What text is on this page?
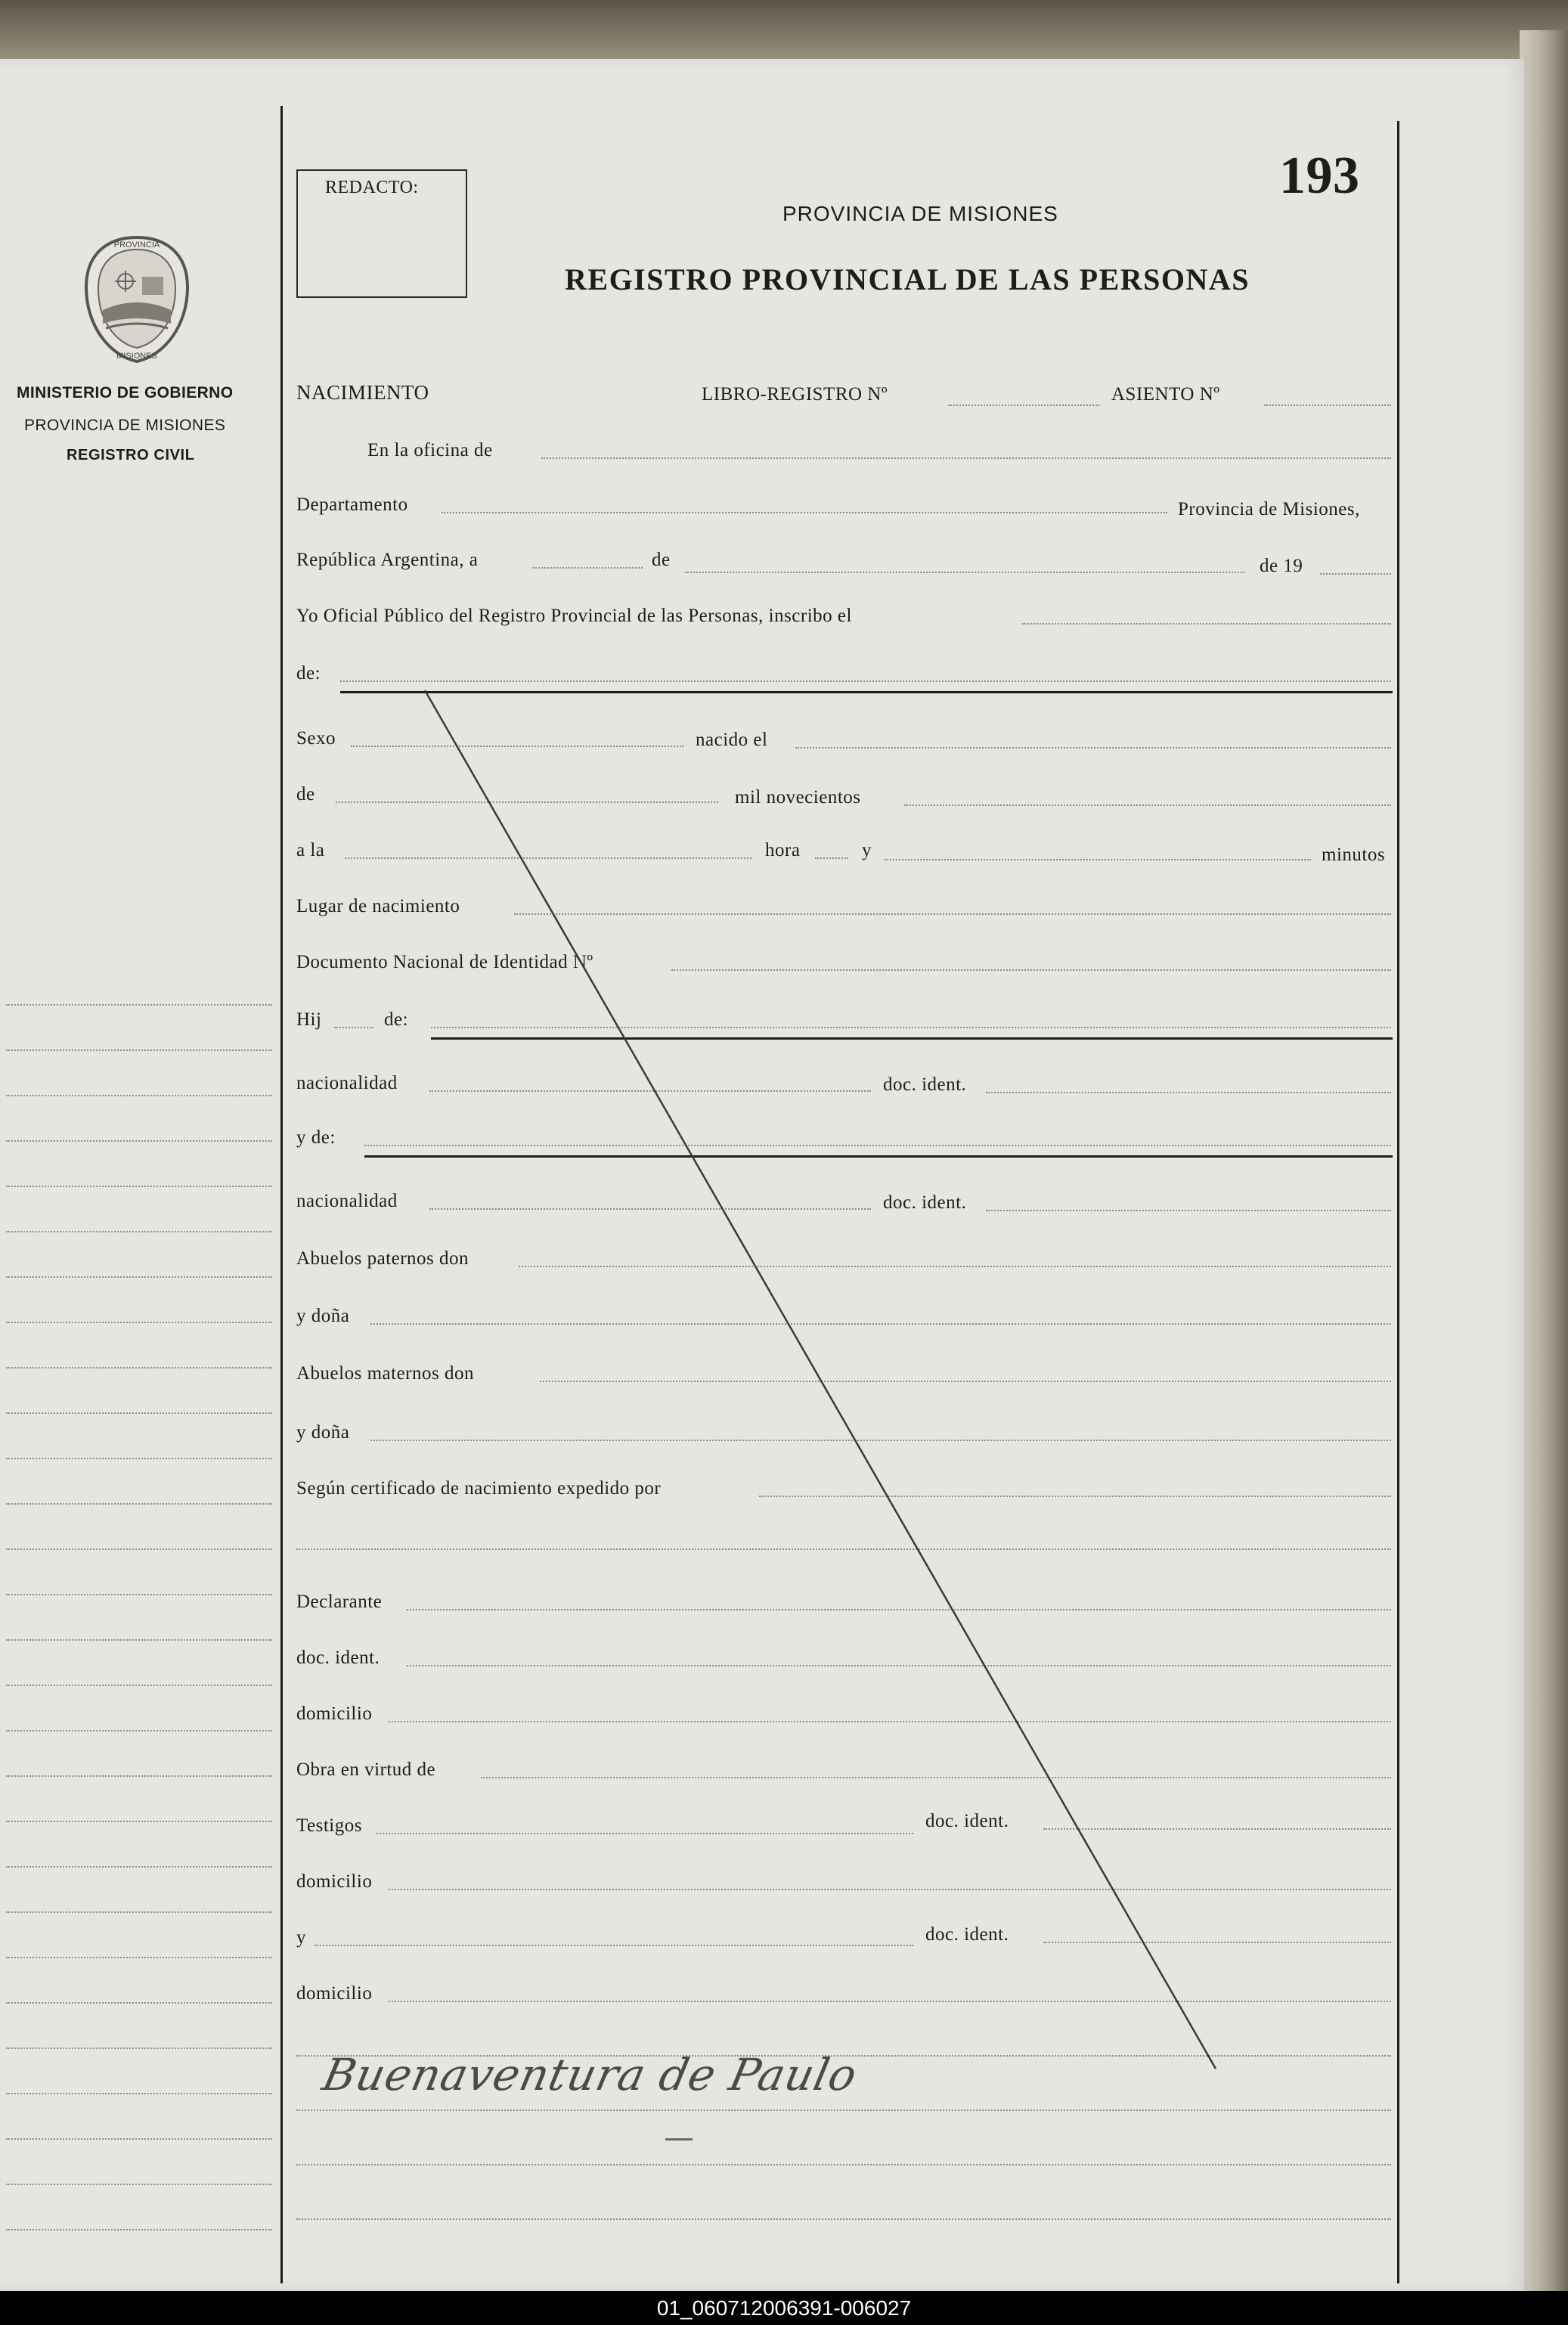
PROVINCIA
MISIONES
MINISTERIO DE GOBIERNO
PROVINCIA DE MISIONES
REGISTRO CIVIL
REDACTO:	193
PROVINCIA DE MISIONES
REGISTRO PROVINCIAL DE LAS PERSONAS
NACIMIENTO	LIBRO-REGISTRO Nº	ASIENTO Nº
En la oficina de
Departamento	Provincia de Misiones,
República Argentina, a	de	de 19
Yo Oficial Público del Registro Provincial de las Personas, inscribo el
de:
Sexo	nacido el
de	mil novecientos
a la	hora	y	minutos
Lugar de nacimiento
Documento Nacional de Identidad Nº
Hij	de:
nacionalidad	doc. ident.
y de:
nacionalidad	doc. ident.
Abuelos paternos don
y doña
Abuelos maternos don
y doña
Según certificado de nacimiento expedido por
Declarante
doc. ident.
domicilio
Obra en virtud de
Testigos	doc. ident.
domicilio
y	doc. ident.
domicilio
Buenaventura de Paulo
01_060712006391-006027
